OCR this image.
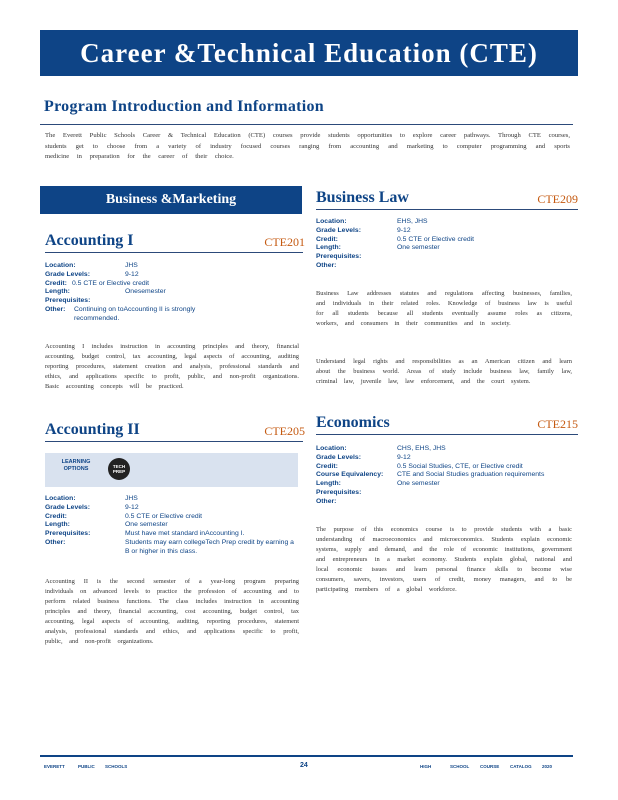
Career &Technical Education (CTE)
Program Introduction and Information
The Everett Public Schools Career & Technical Education (CTE) courses provide students opportunities to explore career pathways. Through CTE courses, students get to choose from a variety of industry focused courses ranging from accounting and marketing to computer programming and sports medicine in preparation for the career of their choice.
Business &Marketing
Accounting I	CTE201
Location:	JHS
Grade Levels:	9-12
Credit: 0.5 CTE or Elective credit
Length:	Onesemester
Prerequisites:
Other:	Continuing on toAccounting II is strongly recommended.
Accounting I includes instruction in accounting principles and theory, financial accounting, budget control, tax accounting, legal aspects of accounting, auditing reporting procedures, statement creation and analysis, professional standards and ethics, and applications specific to profit, public, and non-profit organizations. Basic accounting concepts will be practiced.
Accounting II	CTE205
LEARNING OPTIONS	TECH PREP
Location:	JHS
Grade Levels:	9-12
Credit:	0.5 CTE or Elective credit
Length:	One semester
Prerequisites:	Must have met standard inAccounting I.
Other:	Students may earn collegeTech Prep credit by earning a B or higher in this class.
Accounting II is the second semester of a year-long program preparing individuals on advanced levels to practice the profession of accounting and to perform related business functions. The class includes instruction in accounting principles and theory, financial accounting, cost accounting, budget control, tax accounting, legal aspects of accounting, auditing, reporting procedures, statement analysis, professional standards and ethics, and applications specific to profit, public, and non-profit organizations.
Business Law	CTE209
Location:	EHS, JHS
Grade Levels:	9-12
Credit:	0.5 CTE or Elective credit
Length:	One semester
Prerequisites:
Other:
Business Law addresses statutes and regulations affecting businesses, families, and individuals in their related roles. Knowledge of business law is useful for all students because all students eventually assume roles as citizens, workers, and consumers in their communities and in society.
Understand legal rights and responsibilities as an American citizen and learn about the business world. Areas of study include business law, family law, criminal law, juvenile law, law enforcement, and the court system.
Economics	CTE215
Location:	CHS, EHS, JHS
Grade Levels:	9-12
Credit:	0.5 Social Studies, CTE, or Elective credit
Course Equivalency:	CTE and Social Studies graduation requirements
Length:	One semester
Prerequisites:
Other:
The purpose of this economics course is to provide students with a basic understanding of macroeconomics and microeconomics. Students explain economic systems, supply and demand, and the role of economic institutions, government and entrepreneurs in a market economy. Students explain global, national and local economic issues and learn personal finance skills to become wise consumers, savers, investors, users of credit, money managers, and to be participating members of a global workforce.
EVERETT	PUBLIC SCHOOLS	24	HIGH	SCHOOL COURSE CATALOG 2020
